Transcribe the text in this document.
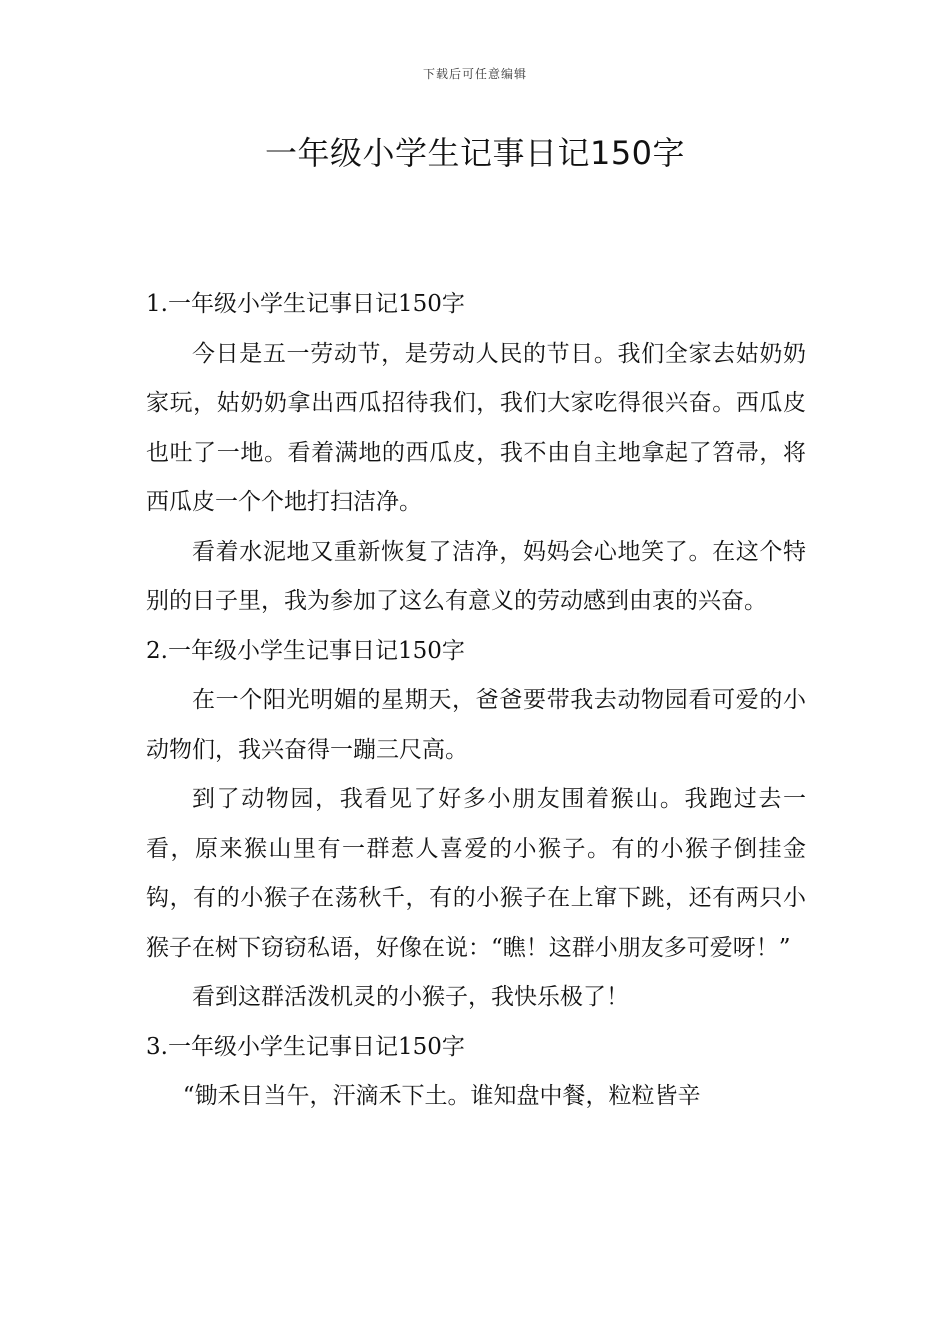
下载后可任意编辑
一年级小学生记事日记150字

1.一年级小学生记事日记150字

今日是五一劳动节，是劳动人民的节日。我们全家去姑奶奶家玩，姑奶奶拿出西瓜招待我们，我们大家吃得很兴奋。西瓜皮也吐了一地。看着满地的西瓜皮，我不由自主地拿起了笤帚，将西瓜皮一个个地打扫洁净。

看着水泥地又重新恢复了洁净，妈妈会心地笑了。在这个特别的日子里，我为参加了这么有意义的劳动感到由衷的兴奋。

2.一年级小学生记事日记150字

在一个阳光明媚的星期天，爸爸要带我去动物园看可爱的小动物们，我兴奋得一蹦三尺高。

到了动物园，我看见了好多小朋友围着猴山。我跑过去一看，原来猴山里有一群惹人喜爱的小猴子。有的小猴子倒挂金钩，有的小猴子在荡秋千，有的小猴子在上窜下跳，还有两只小猴子在树下窃窃私语，好像在说：“瞧！这群小朋友多可爱呀！”

看到这群活泼机灵的小猴子，我快乐极了！

3.一年级小学生记事日记150字

“锄禾日当午，汗滴禾下土。谁知盘中餐，粒粒皆辛
